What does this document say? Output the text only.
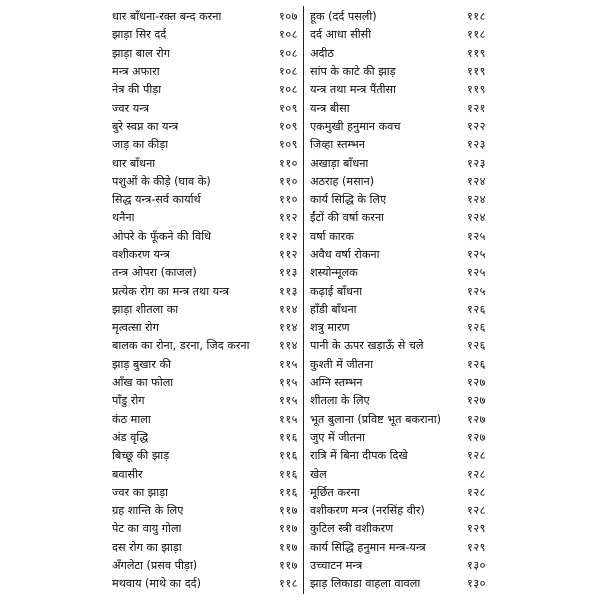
धार बाँधना-रक्त बन्द करना	१०७
झाड़ा सिर दर्द	१०८
झाड़ा बाल रोग	१०८
मन्त्र अफारा	१०८
नेत्र की पीड़ा	१०८
ज्वर यन्त्र	१०९
बुरे स्वप्न का यन्त्र	१०९
जाड़ का कीड़ा	१०९
धार बाँधना	११०
पशुओं के कीड़े (घाव के)	११०
सिद्ध यन्त्र-सर्व कार्यार्थ	११०
थनैना	११२
ओपरे के फूँकने की विधि	११२
वशीकरण यन्त्र	११२
तन्त्र ओपरा (काजल)	११३
प्रत्येक रोग का मन्त्र तथा यन्त्र	११३
झाड़ा शीतला का	११४
मृत्वत्सा रोग	११४
बालक का रोना, डरना, जिद करना	११४
झाड़ बुखार की	११५
आँख का फोला	११५
पाँडु रोग	११५
कंठ माला	११५
अंड वृद्धि	११६
बिच्छू की झाड़	११६
बवासीर	११६
ज्वर का झाड़ा	११६
ग्रह शान्ति के लिए	११७
पेट का वायु गोला	११७
दस रोग का झाड़ा	११७
अँगलेटा (प्रसव पीड़ा)	११७
मथवाय (माथे का दर्द)	११८
हूक (दर्द पसली)	११८
दर्द आधा सीसी	११८
अदीठ	११९
सांप के काटे की झाड़	११९
यन्त्र तथा मन्त्र पैंतीसा	११९
यन्त्र बीसा	१२१
एकमुखी हनुमान कवच	१२२
जिव्हा स्तम्भन	१२३
अखाड़ा बाँधना	१२३
अठराह (मसान)	१२४
कार्य सिद्धि के लिए	१२४
ईंटों की वर्षा करना	१२४
वर्षा कारक	१२५
अवैध वर्षा रोकना	१२५
शस्योन्मूलक	१२५
कढ़ाई बाँधना	१२५
हाँडी बाँधना	१२६
शत्रु मारण	१२६
पानी के ऊपर खड़ाऊँ से चले	१२६
कुश्ती में जीतना	१२६
अग्नि स्तम्भन	१२७
शीतला के लिए	१२७
भूत बुलाना (प्रविष्ट भूत बकराना)	१२७
जुए में जीतना	१२७
रात्रि में बिना दीपक दिखे	१२८
खेल	१२८
मूर्छित करना	१२८
वशीकरण मन्त्र (नरसिंह वीर)	१२८
कुटिल स्त्री वशीकरण	१२९
कार्य सिद्धि हनुमान मन्त्र-यन्त्र	१२९
उच्चाटन मन्त्र	१३०
झाड़ लिकाडा वाहला वावला	१३०
